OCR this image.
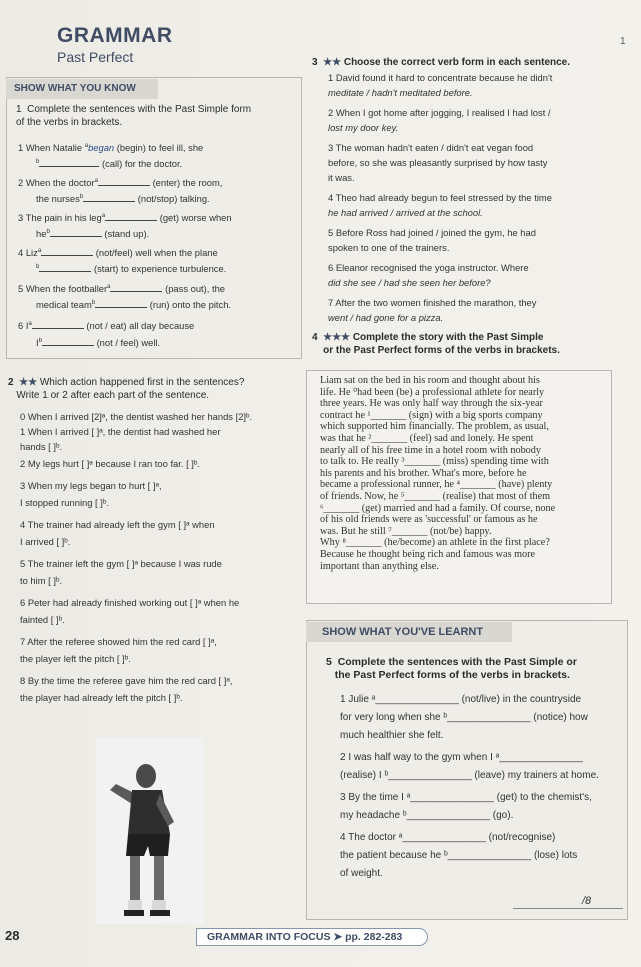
GRAMMAR
Past Perfect
1
SHOW WHAT YOU KNOW
1 Complete the sentences with the Past Simple form
of the verbs in brackets.
1 When Natalie $^a$began (begin) to feel ill, she
$^b$	(call) for the doctor.
2 When the doctor$^a$	(enter) the room,
the nurses$^b$	(not/stop) talking.
3 The pain in his leg$^a$	(get) worse when
$he^b$	(stand up).
4 Liz$^a$	(not/feel) well when the plane
$^b$	(start) to experience turbulence.
5 When the footballer$^a$	(pass out), the
medical team$^b$	(run) onto the pitch.
6 $I^a$	(not / eat) all day because
$I^b$	(not / feel) well.
2 ★★ Which action happened first in the sentences?
Write 1 or 2 after each part of the sentence.
0 When I arrived [2]ᵃ, the dentist washed her hands [2]ᵇ.
1 When I arrived [ ]ᵃ, the dentist had washed her
hands [ ]ᵇ.
2 My legs hurt [ ]ᵃ because I ran too far. [ ]ᵇ.
3 When my legs began to hurt [ ]ᵃ,
I stopped running [ ]ᵇ.
4 The trainer had already left the gym [ ]ᵃ when
I arrived [ ]ᵇ.
5 The trainer left the gym [ ]ᵃ because I was rude
to him [ ]ᵇ.
6 Peter had already finished working out [ ]ᵃ when he
fainted [ ]ᵇ.
7 After the referee showed him the red card [ ]ᵃ,
the player left the pitch [ ]ᵇ.
8 By the time the referee gave him the red card [ ]ᵃ,
the player had already left the pitch [ ]ᵇ.
3 ★★ Choose the correct verb form in each sentence.
1 David found it hard to concentrate because he didn't
meditate / hadn't meditated before.
2 When I got home after jogging, I realised I had lost /
lost my door key.
3 The woman hadn't eaten / didn't eat vegan food
before, so she was pleasantly surprised by how tasty
it was.
4 Theo had already begun to feel stressed by the time
he had arrived / arrived at the school.
5 Before Ross had joined / joined the gym, he had
spoken to one of the trainers.
6 Eleanor recognised the yoga instructor. Where
did she see / had she seen her before?
7 After the two women finished the marathon, they
went / had gone for a pizza.
4 ★★★ Complete the story with the Past Simple
or the Past Perfect forms of the verbs in brackets.
Liam sat on the bed in his room and thought about his
life. He ⁰had been (be) a professional athlete for nearly
three years. He was only half way through the six-year
contract he ¹_______ (sign) with a big sports company
which supported him financially. The problem, as usual,
was that he ²_______ (feel) sad and lonely. He spent
nearly all of his free time in a hotel room with nobody
to talk to. He really ³_______ (miss) spending time with
his parents and his brother. What's more, before he
became a professional runner, he ⁴_______ (have) plenty
of friends. Now, he ⁵_______ (realise) that most of them
⁶_______ (get) married and had a family. Of course, none
of his old friends were as 'successful' or famous as he
was. But he still ⁷_______ (not/be) happy.
Why ⁸_______ (he/become) an athlete in the first place?
Because he thought being rich and famous was more
important than anything else.
SHOW WHAT YOU'VE LEARNT
5 Complete the sentences with the Past Simple or
the Past Perfect forms of the verbs in brackets.
1 Julie ᵃ_______________ (not/live) in the countryside
for very long when she ᵇ_______________ (notice) how
much healthier she felt.
2 I was half way to the gym when I ᵃ_______________
(realise) I ᵇ_______________ (leave) my trainers at home.
3 By the time I ᵃ_______________ (get) to the chemist's,
my headache ᵇ_______________ (go).
4 The doctor ᵃ_______________ (not/recognise)
the patient because he ᵇ_______________ (lose) lots
of weight.
/8
28	GRAMMAR INTO FOCUS ➤ pp. 282-283
